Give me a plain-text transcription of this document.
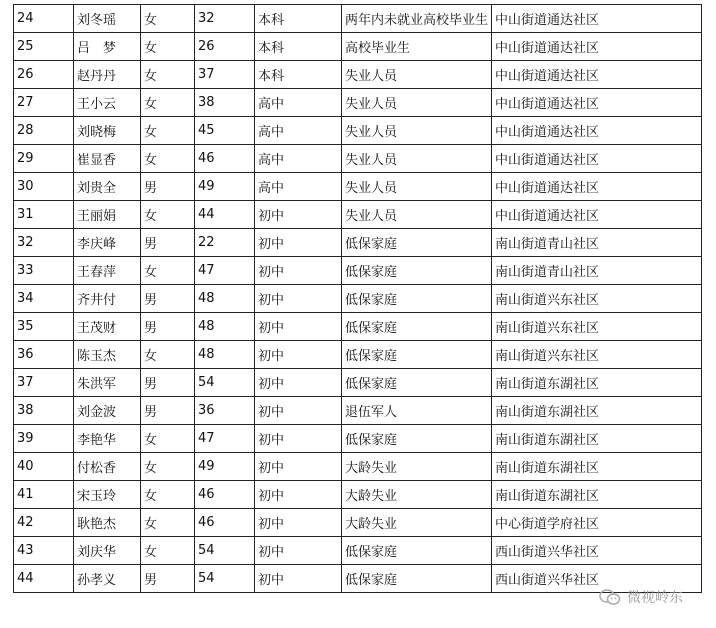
24	刘冬瑶	女	32	本科	两年内未就业高校毕业生	中山街道通达社区
25	吕　梦	女	26	本科	高校毕业生	中山街道通达社区
26	赵丹丹	女	37	本科	失业人员	中山街道通达社区
27	王小云	女	38	高中	失业人员	中山街道通达社区
28	刘晓梅	女	45	高中	失业人员	中山街道通达社区
29	崔显香	女	46	高中	失业人员	中山街道通达社区
30	刘贵全	男	49	高中	失业人员	中山街道通达社区
31	王丽娟	女	44	初中	失业人员	中山街道通达社区
32	李庆峰	男	22	初中	低保家庭	南山街道青山社区
33	王春萍	女	47	初中	低保家庭	南山街道青山社区
34	齐井付	男	48	初中	低保家庭	南山街道兴东社区
35	王茂财	男	48	初中	低保家庭	南山街道兴东社区
36	陈玉杰	女	48	初中	低保家庭	南山街道兴东社区
37	朱洪军	男	54	初中	低保家庭	南山街道东湖社区
38	刘金波	男	36	初中	退伍军人	南山街道东湖社区
39	李艳华	女	47	初中	低保家庭	南山街道东湖社区
40	付松香	女	49	初中	大龄失业	南山街道东湖社区
41	宋玉玲	女	46	初中	大龄失业	南山街道东湖社区
42	耿艳杰	女	46	初中	大龄失业	中心街道学府社区
43	刘庆华	女	54	初中	低保家庭	西山街道兴华社区
44	孙孝义	男	54	初中	低保家庭	西山街道兴华社区
微视岭东
